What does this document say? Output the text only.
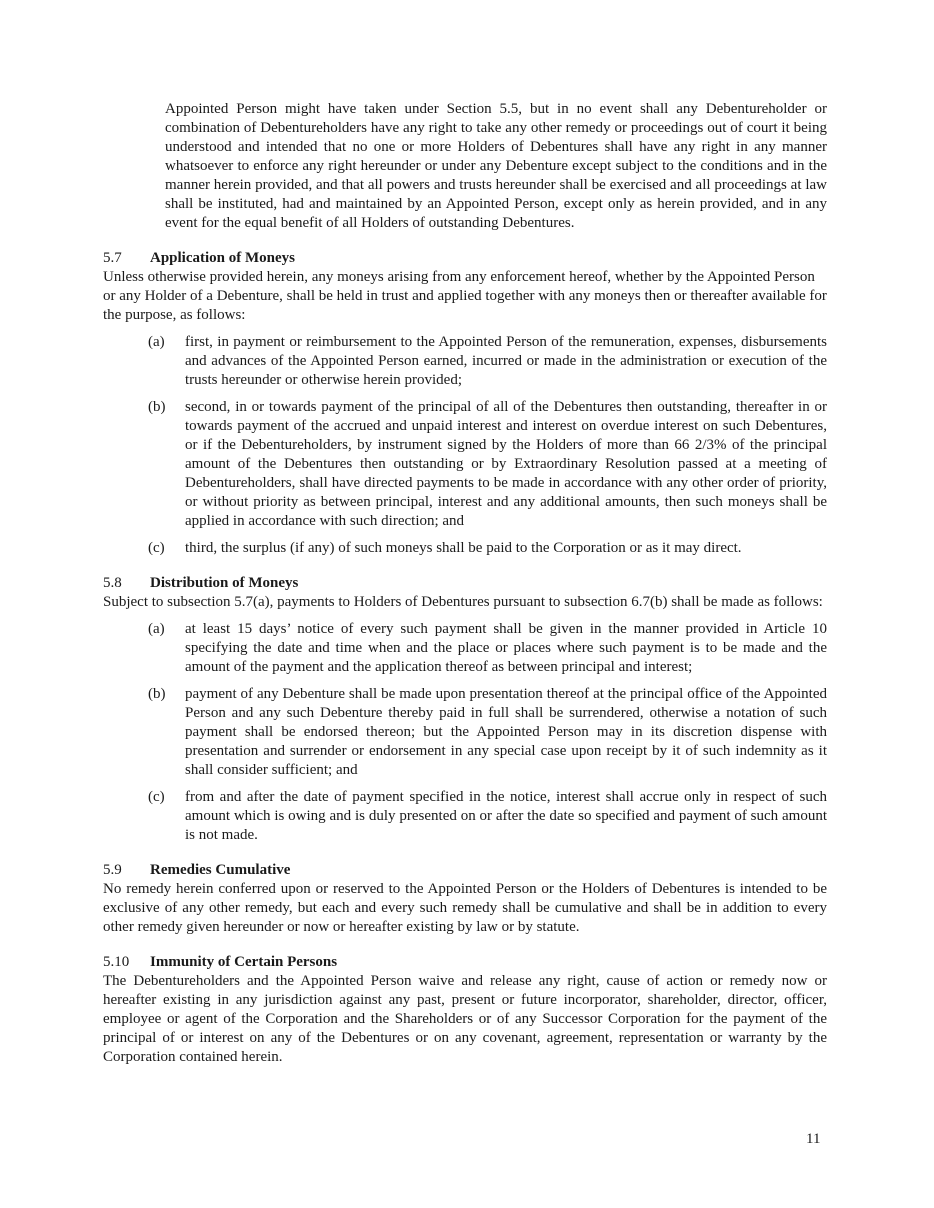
Appointed Person might have taken under Section 5.5, but in no event shall any Debentureholder or combination of Debentureholders have any right to take any other remedy or proceedings out of court it being understood and intended that no one or more Holders of Debentures shall have any right in any manner whatsoever to enforce any right hereunder or under any Debenture except subject to the conditions and in the manner herein provided, and that all powers and trusts hereunder shall be exercised and all proceedings at law shall be instituted, had and maintained by an Appointed Person, except only as herein provided, and in any event for the equal benefit of all Holders of outstanding Debentures.

5.7 Application of Moneys

Unless otherwise provided herein, any moneys arising from any enforcement hereof, whether by the Appointed Person or any Holder of a Debenture, shall be held in trust and applied together with any moneys then or thereafter available for the purpose, as follows:

(a)	first, in payment or reimbursement to the Appointed Person of the remuneration, expenses, disbursements and advances of the Appointed Person earned, incurred or made in the administration or execution of the trusts hereunder or otherwise herein provided;
(b)	second, in or towards payment of the principal of all of the Debentures then outstanding, thereafter in or towards payment of the accrued and unpaid interest and interest on overdue interest on such Debentures, or if the Debentureholders, by instrument signed by the Holders of more than 66 2/3% of the principal amount of the Debentures then outstanding or by Extraordinary Resolution passed at a meeting of Debentureholders, shall have directed payments to be made in accordance with any other order of priority, or without priority as between principal, interest and any additional amounts, then such moneys shall be applied in accordance with such direction; and
(c)	third, the surplus (if any) of such moneys shall be paid to the Corporation or as it may direct.
5.8 Distribution of Moneys

Subject to subsection 5.7(a), payments to Holders of Debentures pursuant to subsection 6.7(b) shall be made as follows:

(a)	at least 15 days’ notice of every such payment shall be given in the manner provided in Article 10 specifying the date and time when and the place or places where such payment is to be made and the amount of the payment and the application thereof as between principal and interest;
(b)	payment of any Debenture shall be made upon presentation thereof at the principal office of the Appointed Person and any such Debenture thereby paid in full shall be surrendered, otherwise a notation of such payment shall be endorsed thereon; but the Appointed Person may in its discretion dispense with presentation and surrender or endorsement in any special case upon receipt by it of such indemnity as it shall consider sufficient; and
(c)	from and after the date of payment specified in the notice, interest shall accrue only in respect of such amount which is owing and is duly presented on or after the date so specified and payment of such amount is not made.
5.9 Remedies Cumulative

No remedy herein conferred upon or reserved to the Appointed Person or the Holders of Debentures is intended to be exclusive of any other remedy, but each and every such remedy shall be cumulative and shall be in addition to every other remedy given hereunder or now or hereafter existing by law or by statute.

5.10 Immunity of Certain Persons

The Debentureholders and the Appointed Person waive and release any right, cause of action or remedy now or hereafter existing in any jurisdiction against any past, present or future incorporator, shareholder, director, officer, employee or agent of the Corporation and the Shareholders or of any Successor Corporation for the payment of the principal of or interest on any of the Debentures or on any covenant, agreement, representation or warranty by the Corporation contained herein.

11
